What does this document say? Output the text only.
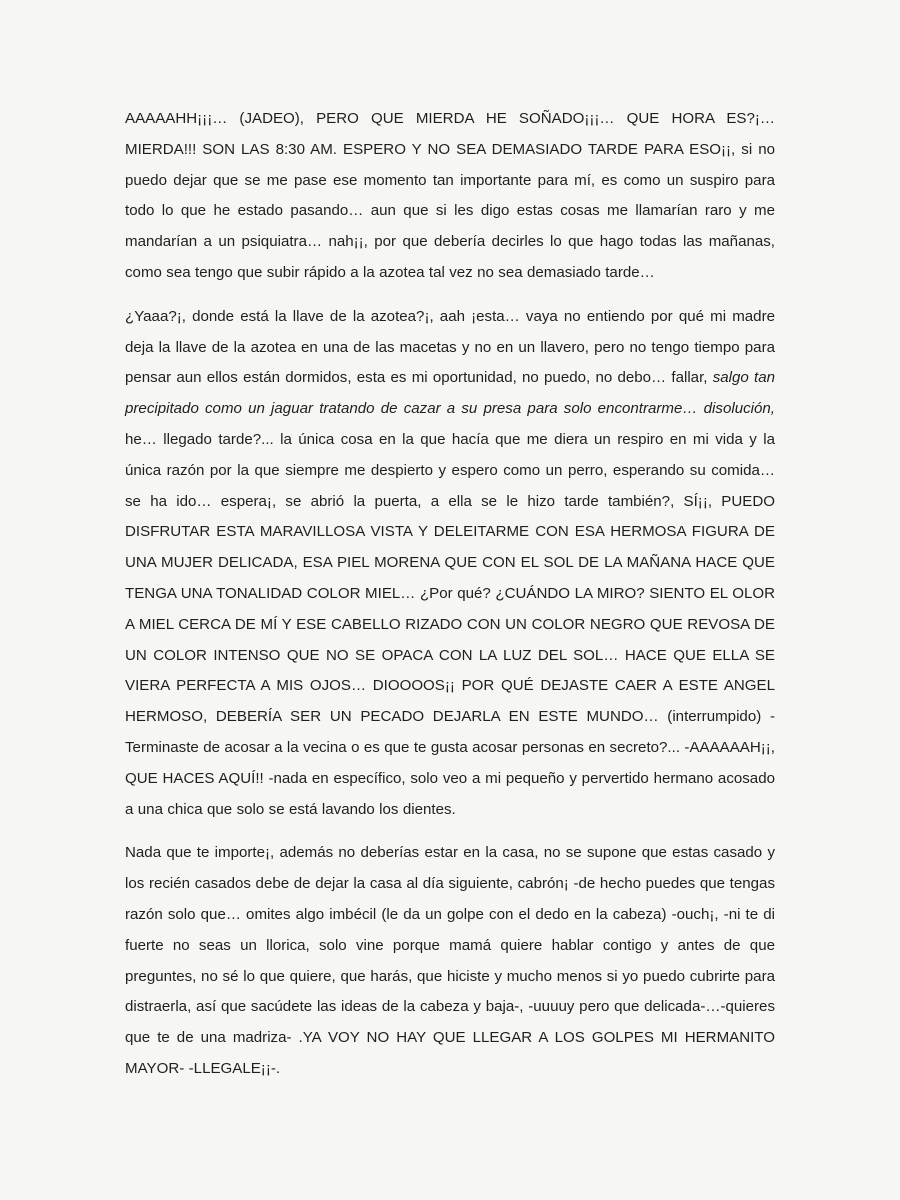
AAAAAHH¡¡¡… (JADEO), PERO QUE MIERDA HE SOÑADO¡¡¡… QUE HORA ES?¡… MIERDA!!! SON LAS 8:30 AM. ESPERO Y NO SEA DEMASIADO TARDE PARA ESO¡¡, si no puedo dejar que se me pase ese momento tan importante para mí, es como un suspiro para todo lo que he estado pasando… aun que si les digo estas cosas me llamarían raro y me mandarían a un psiquiatra… nah¡¡, por que debería decirles lo que hago todas las mañanas, como sea tengo que subir rápido a la azotea tal vez no sea demasiado tarde…

¿Yaaa?¡, donde está la llave de la azotea?¡, aah ¡esta… vaya no entiendo por qué mi madre deja la llave de la azotea en una de las macetas y no en un llavero, pero no tengo tiempo para pensar aun ellos están dormidos, esta es mi oportunidad, no puedo, no debo… fallar, salgo tan precipitado como un jaguar tratando de cazar a su presa para solo encontrarme… disolución, he… llegado tarde?... la única cosa en la que hacía que me diera un respiro en mi vida y la única razón por la que siempre me despierto y espero como un perro, esperando su comida… se ha ido… espera¡, se abrió la puerta, a ella se le hizo tarde también?, SÍ¡¡, PUEDO DISFRUTAR ESTA MARAVILLOSA VISTA Y DELEITARME CON ESA HERMOSA FIGURA DE UNA MUJER DELICADA, ESA PIEL MORENA QUE CON EL SOL DE LA MAÑANA HACE QUE TENGA UNA TONALIDAD COLOR MIEL… ¿Por qué? ¿CUÁNDO LA MIRO? SIENTO EL OLOR A MIEL CERCA DE MÍ Y ESE CABELLO RIZADO CON UN COLOR NEGRO QUE REVOSA DE UN COLOR INTENSO QUE NO SE OPACA CON LA LUZ DEL SOL… HACE QUE ELLA SE VIERA PERFECTA A MIS OJOS… DIOOOOS¡¡ POR QUÉ DEJASTE CAER A ESTE ANGEL HERMOSO, DEBERÍA SER UN PECADO DEJARLA EN ESTE MUNDO… (interrumpido) -Terminaste de acosar a la vecina o es que te gusta acosar personas en secreto?... -AAAAAAH¡¡, QUE HACES AQUÍ!! -nada en específico, solo veo a mi pequeño y pervertido hermano acosado a una chica que solo se está lavando los dientes.

Nada que te importe¡, además no deberías estar en la casa, no se supone que estas casado y los recién casados debe de dejar la casa al día siguiente, cabrón¡ -de hecho puedes que tengas razón solo que… omites algo imbécil (le da un golpe con el dedo en la cabeza) -ouch¡, -ni te di fuerte no seas un llorica, solo vine porque mamá quiere hablar contigo y antes de que preguntes, no sé lo que quiere, que harás, que hiciste y mucho menos si yo puedo cubrirte para distraerla, así que sacúdete las ideas de la cabeza y baja-, -uuuuy pero que delicada-…-quieres que te de una madriza- .YA VOY NO HAY QUE LLEGAR A LOS GOLPES MI HERMANITO MAYOR- -LLEGALE¡¡-.
